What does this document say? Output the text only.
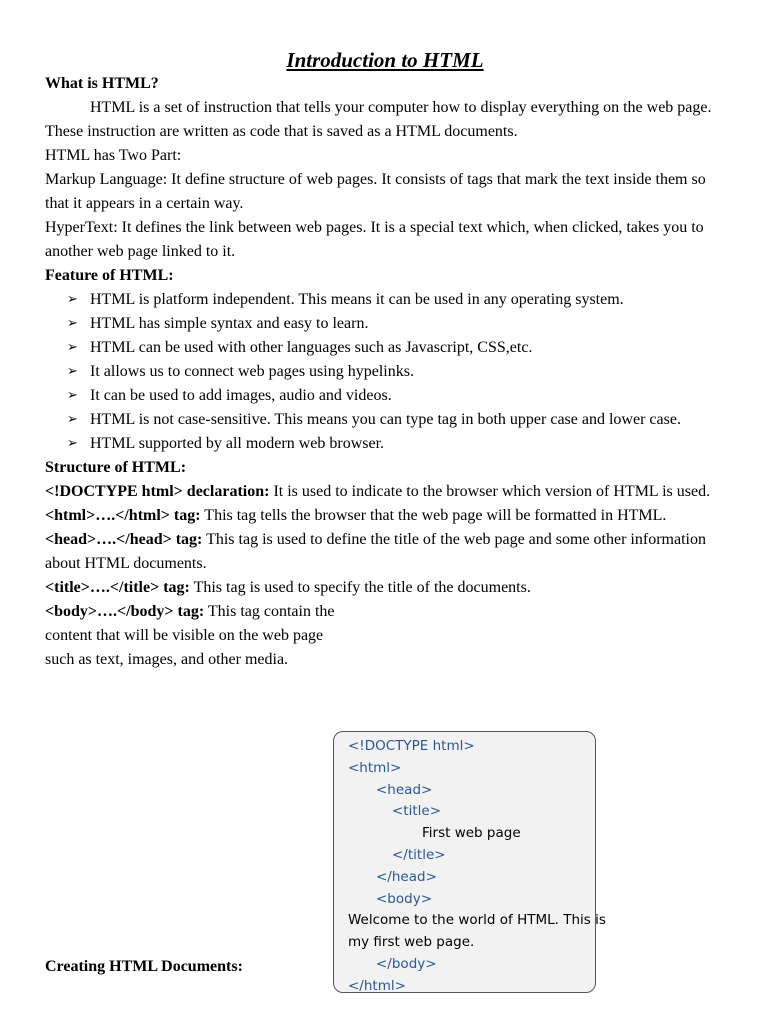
Introduction to HTML

What is HTML?

HTML is a set of instruction that tells your computer how to display everything on the web page.

These instruction are written as code that is saved as a HTML documents.

HTML has Two Part:

Markup Language: It define structure of web pages. It consists of tags that mark the text inside them so that it appears in a certain way.

HyperText: It defines the link between web pages. It is a special text which, when clicked, takes you to another web page linked to it.

Feature of HTML:

➢ HTML is platform independent. This means it can be used in any operating system.
➢ HTML has simple syntax and easy to learn.
➢ HTML can be used with other languages such as Javascript, CSS,etc.
➢ It allows us to connect web pages using hypelinks.
➢ It can be used to add images, audio and videos.
➢ HTML is not case-sensitive. This means you can type tag in both upper case and lower case.
➢ HTML supported by all modern web browser.

Structure of HTML:

<!DOCTYPE html> declaration: It is used to indicate to the browser which version of HTML is used.

<html>….</html> tag: This tag tells the browser that the web page will be formatted in HTML.

<head>….</head> tag: This tag is used to define the title of the web page and some other information about HTML documents.

<title>….</title> tag: This tag is used to specify the title of the documents.

<body>….</body> tag: This tag contain the content that will be visible on the web page such as text, images, and other media.

<!DOCTYPE html>
<html>
<head>
<title>
First web page
</title>
</head>
<body>
Welcome to the world of HTML. This is
my first web page.
</body>
</html>
Creating HTML Documents:
